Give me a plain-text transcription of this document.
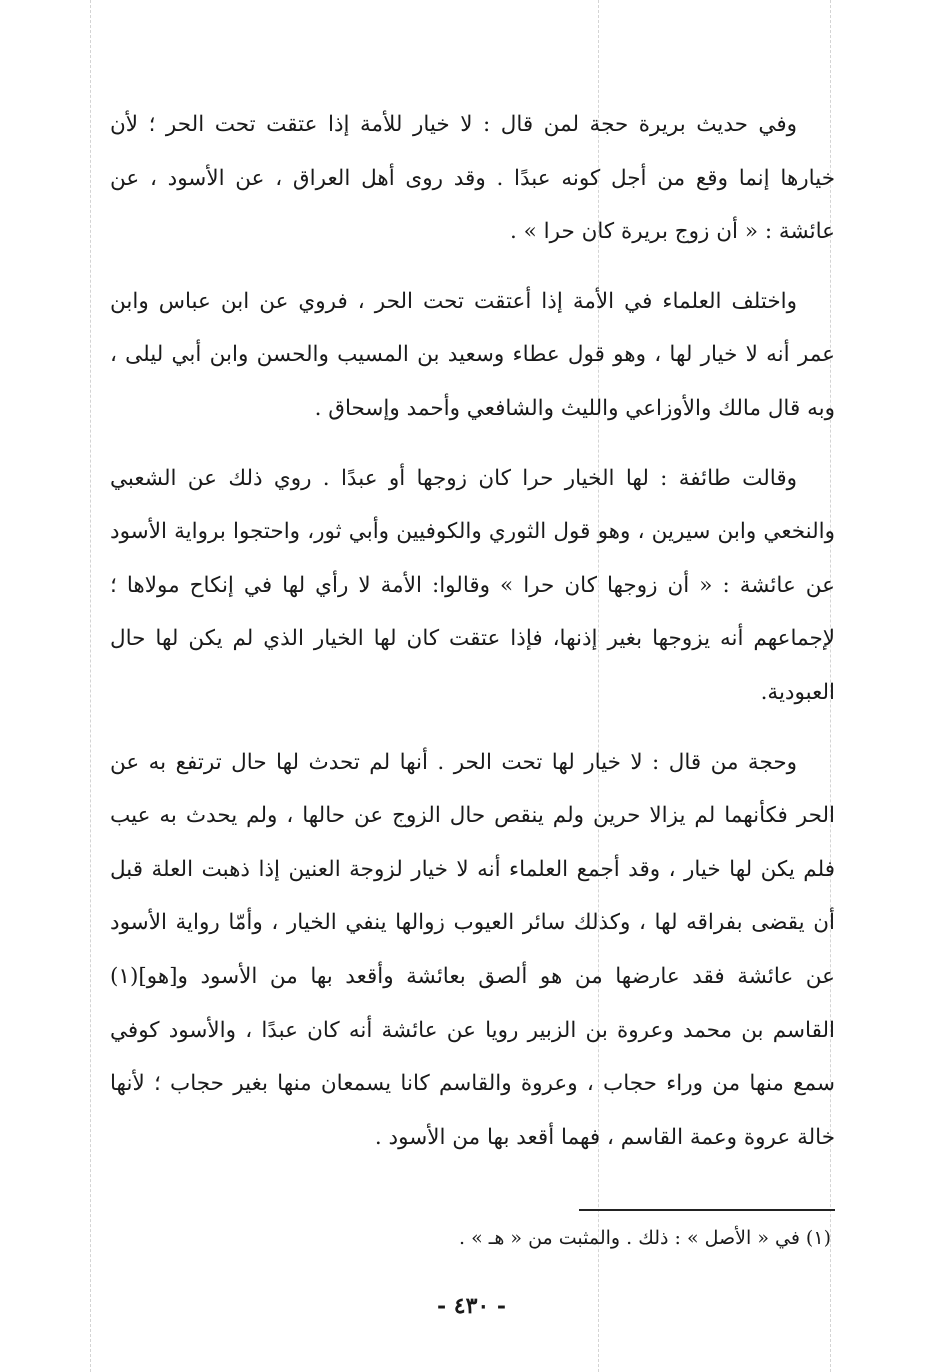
وفي حديث بريرة حجة لمن قال : لا خيار للأمة إذا عتقت تحت الحر ؛ لأن خيارها إنما وقع من أجل كونه عبدًا . وقد روى أهل العراق ، عن الأسود ، عن عائشة : « أن زوج بريرة كان حرا » .

واختلف العلماء في الأمة إذا أعتقت تحت الحر ، فروي عن ابن عباس وابن عمر أنه لا خيار لها ، وهو قول عطاء وسعيد بن المسيب والحسن وابن أبي ليلى ، وبه قال مالك والأوزاعي والليث والشافعي وأحمد وإسحاق .

وقالت طائفة : لها الخيار حرا كان زوجها أو عبدًا . روي ذلك عن الشعبي والنخعي وابن سيرين ، وهو قول الثوري والكوفيين وأبي ثور، واحتجوا برواية الأسود عن عائشة : « أن زوجها كان حرا » وقالوا: الأمة لا رأي لها في إنكاح مولاها ؛ لإجماعهم أنه يزوجها بغير إذنها، فإذا عتقت كان لها الخيار الذي لم يكن لها حال العبودية.

وحجة من قال : لا خيار لها تحت الحر . أنها لم تحدث لها حال ترتفع به عن الحر فكأنهما لم يزالا حرين ولم ينقص حال الزوج عن حالها ، ولم يحدث به عيب فلم يكن لها خيار ، وقد أجمع العلماء أنه لا خيار لزوجة العنين إذا ذهبت العلة قبل أن يقضى بفراقه لها ، وكذلك سائر العيوب زوالها ينفي الخيار ، وأمّا رواية الأسود عن عائشة فقد عارضها من هو ألصق بعائشة وأقعد بها من الأسود و[هو](١) القاسم بن محمد وعروة بن الزبير رويا عن عائشة أنه كان عبدًا ، والأسود كوفي سمع منها من وراء حجاب ، وعروة والقاسم كانا يسمعان منها بغير حجاب ؛ لأنها خالة عروة وعمة القاسم ، فهما أقعد بها من الأسود .

(١) في « الأصل » : ذلك . والمثبت من « هـ » .
- ٤٣٠ -
